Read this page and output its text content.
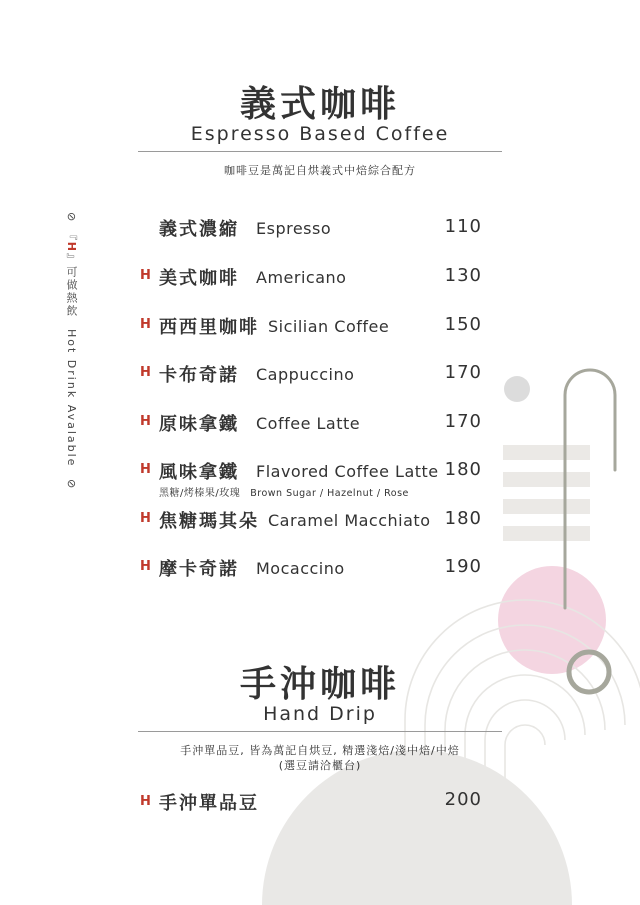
⊘ 『H』可做熱飲 Hot Drink Avalable ⊘
義式咖啡
Espresso Based Coffee
咖啡豆是萬記自烘義式中焙綜合配方
義式濃縮 Espresso	110
H 美式咖啡 Americano	130
H 西西里咖啡 Sicilian Coffee	150
H 卡布奇諾 Cappuccino	170
H 原味拿鐵 Coffee Latte	170
H 風味拿鐵 Flavored Coffee Latte 180
黑糖/烤榛果/玫瑰 Brown Sugar / Hazelnut / Rose
H 焦糖瑪其朵 Caramel Macchiato 180
H 摩卡奇諾 Mocaccino	190
手沖咖啡
Hand Drip
手沖單品豆, 皆為萬記自烘豆, 精選淺焙/淺中焙/中焙
(選豆請洽櫃台)
H 手沖單品豆	200
